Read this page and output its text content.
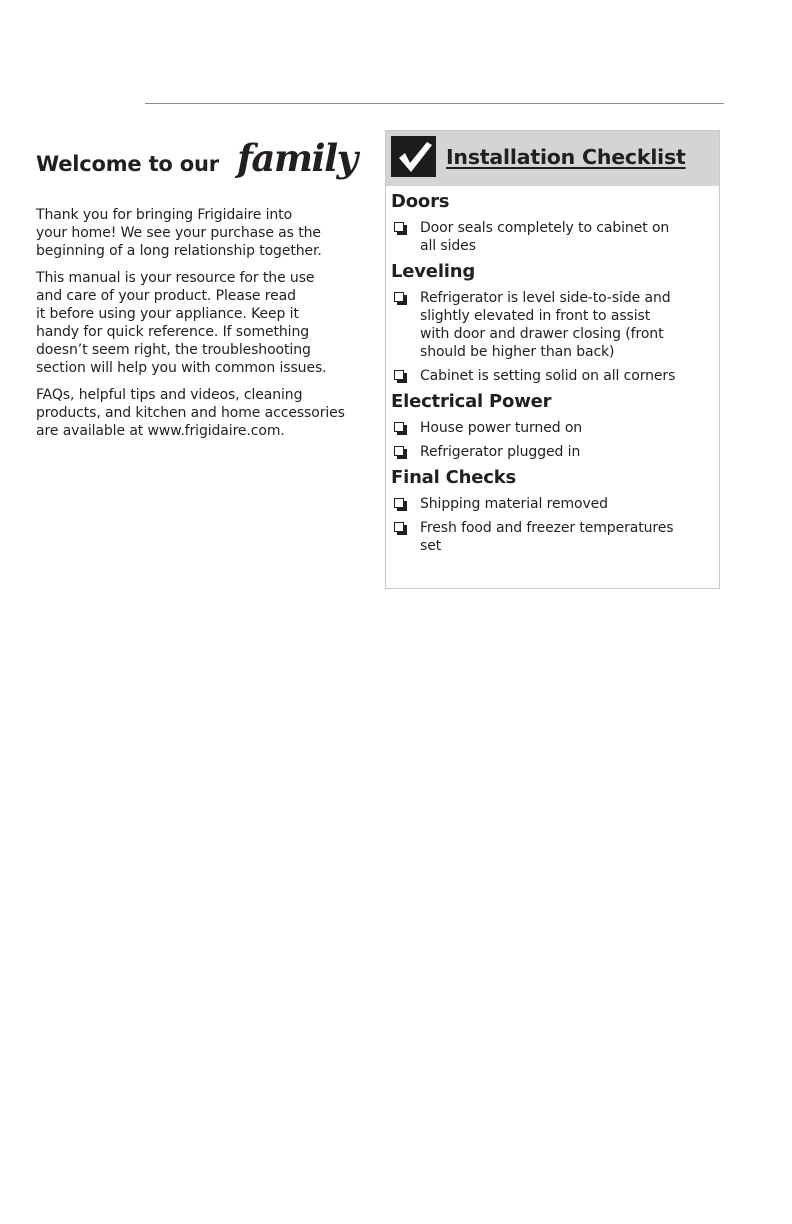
Welcome to our family

Thank you for bringing Frigidaire into
your home! We see your purchase as the
beginning of a long relationship together.

This manual is your resource for the use
and care of your product. Please read
it before using your appliance. Keep it
handy for quick reference. If something
doesn’t seem right, the troubleshooting
section will help you with common issues.

FAQs, helpful tips and videos, cleaning
products, and kitchen and home accessories
are available at www.frigidaire.com.

Installation Checklist
Doors
Door seals completely to cabinet on
all sides
Leveling
Refrigerator is level side-to-side and
slightly elevated in front to assist
with door and drawer closing (front
should be higher than back)
Cabinet is setting solid on all corners
Electrical Power
House power turned on
Refrigerator plugged in
Final Checks
Shipping material removed
Fresh food and freezer temperatures
set
